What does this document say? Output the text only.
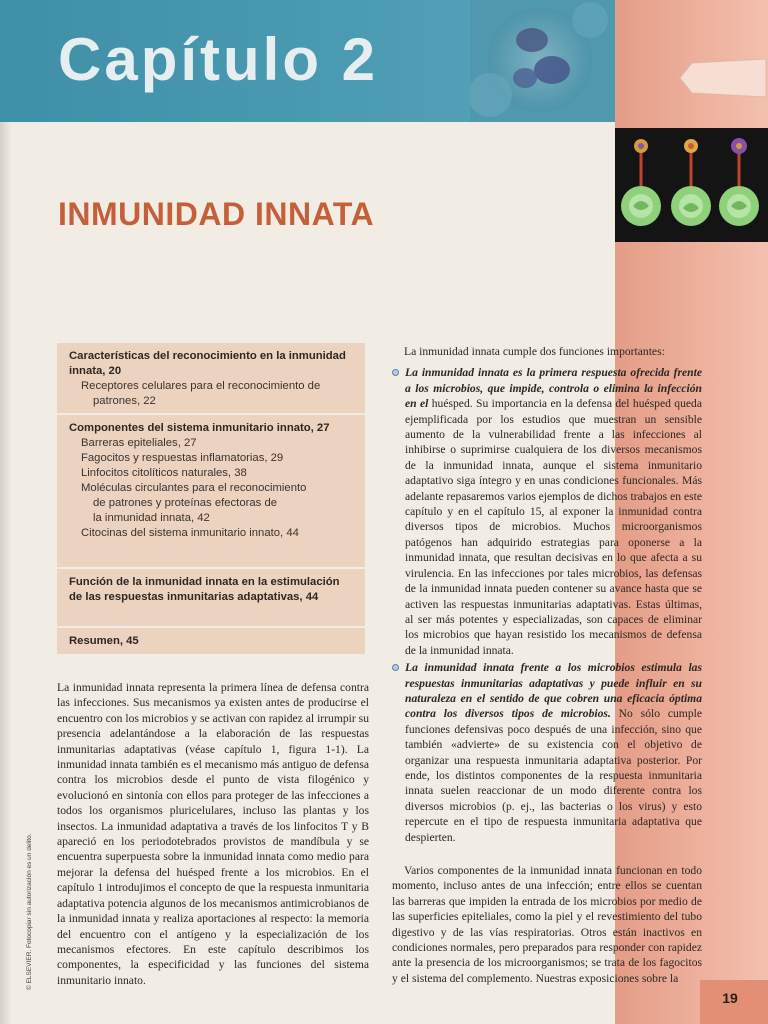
Capítulo 2
INMUNIDAD INNATA

Características del reconocimiento en la inmunidad innata, 20

Receptores celulares para el reconocimiento de
patrones, 22

Componentes del sistema inmunitario innato, 27

Barreras epiteliales, 27

Fagocitos y respuestas inflamatorias, 29

Linfocitos citolíticos naturales, 38

Moléculas circulantes para el reconocimiento
de patrones y proteínas efectoras de
la inmunidad innata, 42

Citocinas del sistema inmunitario innato, 44

Función de la inmunidad innata en la estimulación de las respuestas inmunitarias adaptativas, 44

Resumen, 45

La inmunidad innata representa la primera línea de defensa contra las infecciones. Sus mecanismos ya existen antes de producirse el encuentro con los microbios y se activan con rapidez al irrumpir su presencia adelantándose a la elaboración de las respuestas inmunitarias adaptativas (véase capítulo 1, figura 1-1). La inmunidad innata también es el mecanismo más antiguo de defensa contra los microbios desde el punto de vista filogénico y evolucionó en sintonía con ellos para proteger de las infecciones a todos los organismos pluricelulares, incluso las plantas y los insectos. La inmunidad adaptativa a través de los linfocitos T y B apareció en los periodotebrados provistos de mandíbula y se encuentra superpuesta sobre la inmunidad innata como medio para mejorar la defensa del huésped frente a los microbios. En el capítulo 1 introdujimos el concepto de que la respuesta inmunitaria adaptativa potencia algunos de los mecanismos antimicrobianos de la inmunidad innata y realiza aportaciones al respecto: la memoria del encuentro con el antígeno y la especialización de los mecanismos efectores. En este capítulo describimos los componentes, la especificidad y las funciones del sistema inmunitario innato.

La inmunidad innata cumple dos funciones importantes:

La inmunidad innata es la primera respuesta ofrecida frente a los microbios, que impide, controla o elimina la infección en el huésped. Su importancia en la defensa del huésped queda ejemplificada por los estudios que muestran un sensible aumento de la vulnerabilidad frente a las infecciones al inhibirse o suprimirse cualquiera de los diversos mecanismos de la inmunidad innata, aunque el sistema inmunitario adaptativo siga íntegro y en unas condiciones funcionales. Más adelante repasaremos varios ejemplos de dichos trabajos en este capítulo y en el capítulo 15, al exponer la inmunidad contra diversos tipos de microbios. Muchos microorganismos patógenos han adquirido estrategias para oponerse a la inmunidad innata, que resultan decisivas en lo que afecta a su virulencia. En las infecciones por tales microbios, las defensas de la inmunidad innata pueden contener su avance hasta que se activen las respuestas inmunitarias adaptativas. Estas últimas, al ser más potentes y especializadas, son capaces de eliminar los microbios que hayan resistido los mecanismos de defensa de la inmunidad innata.

La inmunidad innata frente a los microbios estimula las respuestas inmunitarias adaptativas y puede influir en su naturaleza en el sentido de que cobren una eficacia óptima contra los diversos tipos de microbios. No sólo cumple funciones defensivas poco después de una infección, sino que también «advierte» de su existencia con el objetivo de organizar una respuesta inmunitaria adaptativa posterior. Por ende, los distintos componentes de la respuesta inmunitaria innata suelen reaccionar de un modo diferente contra los diversos microbios (p. ej., las bacterias o los virus) y esto repercute en el tipo de respuesta inmunitaria adaptativa que despierten.

Varios componentes de la inmunidad innata funcionan en todo momento, incluso antes de una infección; entre ellos se cuentan las barreras que impiden la entrada de los microbios por medio de las superficies epiteliales, como la piel y el revestimiento del tubo digestivo y de las vías respiratorias. Otros están inactivos en condiciones normales, pero preparados para responder con rapidez ante la presencia de los microorganismos; se trata de los fagocitos y el sistema del complemento. Nuestras exposiciones sobre la

© ELSEVIER. Fotocopiar sin autorización es un delito.
19
